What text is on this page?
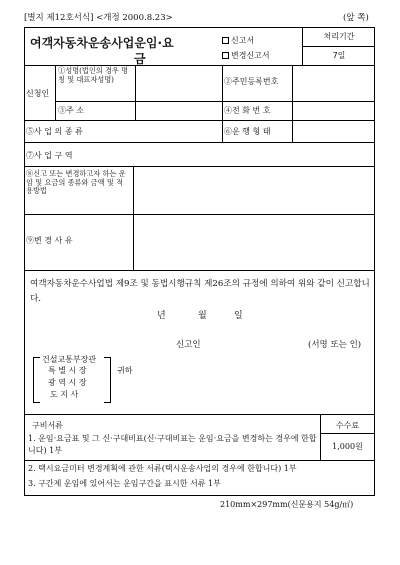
[별지 제12호서식] <개정 2000.8.23>	(앞 쪽)
여객자동차운송사업운임·요
금
신고서
변경신고서
처리기간
7일
신청인
①성명(법인의 경우 명칭 및 대표자성명)	②주민등록번호
③주 소	④전 화 번 호
⑤사 업 의 종 류	⑥운 행 형 태
⑦사 업 구 역
⑧신고 또는 변경하고자 하는 운임 및 요금의 종류와 금액 및 적용방법
⑨변 경 사 유
여객자동차운수사업법 제9조 및 동법시행규칙 제26조의 규정에 의하여 위와 같이 신고합니다.
년	월	일
신고인	(서명 또는 인)
건설교통부장관
특 별 시 장
광 역 시 장
도 지 사
귀하
구비서류	수수료
1,000원
1. 운임·요금표 및 그 신·구대비표(신·구대비표는 운임·요금을 변경하는 경우에 한합니다) 1부
2. 택시요금미터 변경계획에 관한 서류(택시운송사업의 경우에 한합니다) 1부
3. 구간제 운임에 있어서는 운임구간을 표시한 서류 1부
210mm×297mm(신문용지 54g/㎡)
